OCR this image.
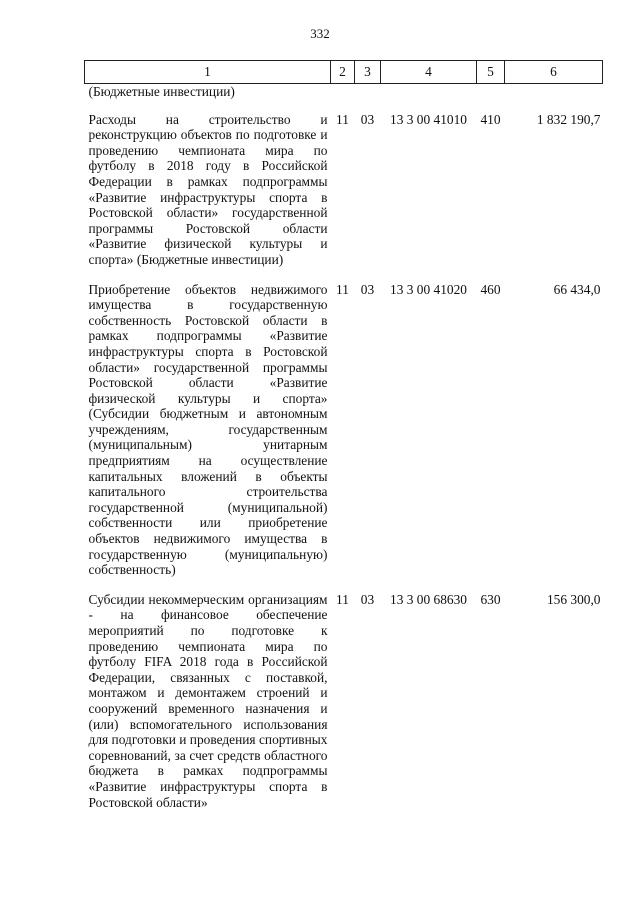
332
1	2	3	4	5	6
(Бюджетные инвестиции)					
Расходы на строительство и реконструкцию объектов по подготовке и проведению чемпионата мира по футболу в 2018 году в Российской Федерации в рамках подпрограммы «Развитие инфраструктуры спорта в Ростовской области» государственной программы Ростовской области «Развитие физической культуры и спорта» (Бюджетные инвестиции)	11	03	13 3 00 41010	410	1 832 190,7
Приобретение объектов недвижимого имущества в государственную собственность Ростовской области в рамках подпрограммы «Развитие инфраструктуры спорта в Ростовской области» государственной программы Ростовской области «Развитие физической культуры и спорта» (Субсидии бюджетным и автономным учреждениям, государственным (муниципальным) унитарным предприятиям на осуществление капитальных вложений в объекты капитального строительства государственной (муниципальной) собственности или приобретение объектов недвижимого имущества в государственную (муниципальную) собственность)	11	03	13 3 00 41020	460	66 434,0
Субсидии некоммерческим организациям - на финансовое обеспечение мероприятий по подготовке к проведению чемпионата мира по футболу FIFA 2018 года в Российской Федерации, связанных с поставкой, монтажом и демонтажем строений и сооружений временного назначения и (или) вспомогательного использования для подготовки и проведения спортивных соревнований, за счет средств областного бюджета в рамках подпрограммы «Развитие инфраструктуры спорта в Ростовской области»	11	03	13 3 00 68630	630	156 300,0
